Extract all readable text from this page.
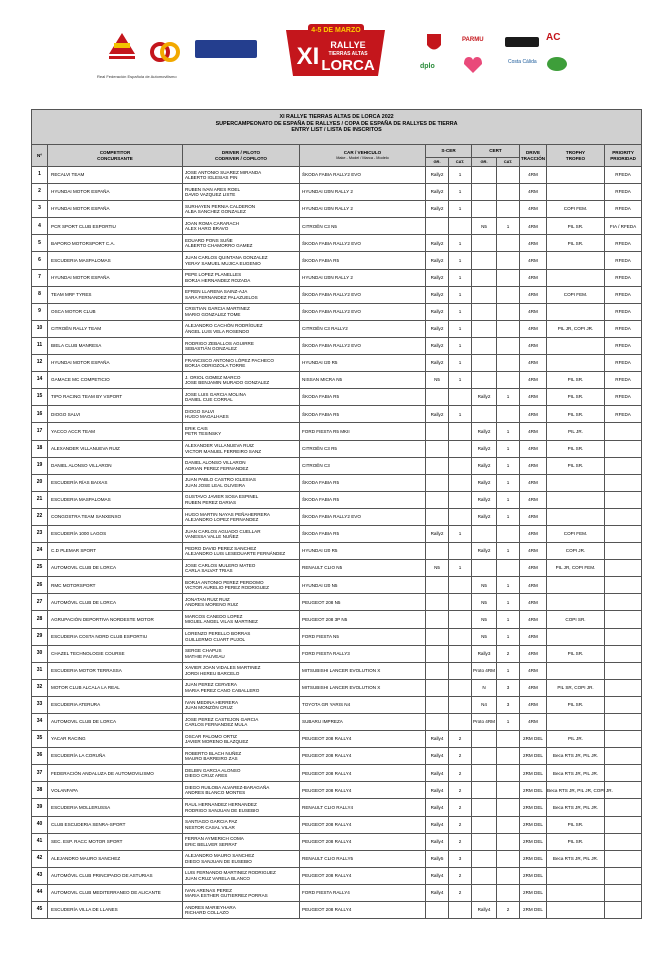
Real Federación Española de Automovilismo
4-5 DE MARZO
XI RALLYE
TIERRAS ALTAS
LORCA
PARMU	AC
dplo
Costa Cálida
XI RALLYE TIERRAS ALTAS DE LORCA 2022
SUPERCAMPEONATO DE ESPAÑA DE RALLYES / COPA DE ESPAÑA DE RALLYES DE TIERRA
ENTRY LIST / LISTA DE INSCRITOS										

Nº	COMPETITOR
CONCURSANTE	DRIVER / PILOTO
CODRIVER / COPILOTO	CAR / VEHICULO
Make - Model / Marca - Modelo	S-CER		CERT		DRIVE
TRACCIÓN	TROPHY
TROFEO	PRIORITY
PRIORIDAD
				GR.	CAT.	GR.	CAT.			
1	RECALVI TEAM	JOSE ANTONIO SUAREZ MIRANDA
ALBERTO IGLESIAS PIN	ŠKODA FABIA RALLY2 EVO	Rally2	1			4RM		RFEDA
2	HYUNDAI MOTOR ESPAÑA	RUBEN IVAN ARES ROEL
DAVID VAZQUEZ LISTE	HYUNDAI I20N RALLY 2	Rally2	1			4RM		RFEDA
3	HYUNDAI MOTOR ESPAÑA	SURHAYEN PERNIA CALDERON
ALBA SANCHEZ GONZALEZ	HYUNDAI I20N RALLY 2	Rally2	1			4RM	COPI FEM.	RFEDA
4	PCR SPORT CLUB ESPORTIU	JOAN ROMA CARARACH
ALEX HARO BRAVO	CITROËN C3 N5			N5	1	4RM	PIL SR.	FIA / RFEDA
5	BAPORO MOTORSPORT C.A.	EDUARD PONS SUÑE
ALBERTO CHAMORRO GAMEZ	ŠKODA FABIA RALLY2 EVO	Rally2	1			4RM	PIL SR.	RFEDA
6	ESCUDERIA MASPALOMAS	JUAN CARLOS QUINTANA GONZALEZ
YERAY SAMUEL MUJICA EUGENIO	ŠKODA FABIA R5	Rally2	1			4RM		RFEDA
7	HYUNDAI MOTOR ESPAÑA	PEPE LOPEZ PLANELLES
BORJA HERNANDEZ ROZADA	HYUNDAI I20N RALLY 2	Rally2	1			4RM		RFEDA
8	TEAM MRF TYRES	EFREN LLARENA SAINZ-AJA
SARA FERNANDEZ PALAZUELOS	ŠKODA FABIA RALLY2 EVO	Rally2	1			4RM	COPI FEM.	RFEDA
9	OSCA MOTOR CLUB	CRISTIAN GARCIA MARTINEZ
MARIO GONZALEZ TOME	ŠKODA FABIA RALLY2 EVO	Rally2	1			4RM		RFEDA
10	CITROËN RALLY TEAM	ALEJANDRO CACHÓN RODRÍGUEZ
ÁNGEL LUIS VELA ROSENDO	CITROËN C3 RALLY2	Rally2	1			4RM	PIL JR, COPI JR.	RFEDA
11	BIELA CLUB MANRESA	RODRIGO ZEBALLOS AGUIRRE
SEBASTIÁN GONZALEZ	ŠKODA FABIA RALLY2 EVO	Rally2	1			4RM		RFEDA
12	HYUNDAI MOTOR ESPAÑA	FRANCISCO ANTONIO LÓPEZ PACHECO
BORJA ODRIOZOLA TORRE	HYUNDAI I20 R5	Rally2	1			4RM		RFEDA
14	GAMACE MC COMPETICIO	J. ORIOL GOMEZ MARCO
JOSE BENJAMIN MURADO GONZALEZ	NISSAN MICRA N5	N5	1			4RM	PIL SR.	RFEDA
15	TIPO RACING TEAM BY VSPORT	JOSE LUIS GARCIA MOLINA
DANIEL CUE CORRAL	ŠKODA FABIA R5			Rally2	1	4RM	PIL SR.	RFEDA
16	DIOGO SALVI	DIOGO SALVI
HUGO MAGALHAES	ŠKODA FABIA R5	Rally2	1			4RM	PIL SR.	RFEDA
17	YACCO ACCR TEAM	ERIK CAIS
PETR TESINSKY	FORD FIESTA R5 MKII			Rally2	1	4RM	PIL JR.	
18	ALEXANDER VILLANUEVA RUIZ	ALEXANDER VILLANUEVA RUIZ
VICTOR MANUEL FERREIRO SANZ	CITROËN C3 R5			Rally2	1	4RM	PIL SR.	
19	DANIEL ALONSO VILLARON	DANIEL ALONSO VILLARON
ADRIAN PEREZ FERNANDEZ	CITROËN C3			Rally2	1	4RM	PIL SR.	
20	ESCUDERÍA RÍAS BAIXAS	JUAN PABLO CASTRO IGLESIAS
JUAN JOSE LEAL OLIVEIRA	ŠKODA FABIA R5			Rally2	1	4RM		
21	ESCUDERIA MASPALOMAS	GUSTAVO JAVIER SOSA ESPINEL
RUBEN PEREZ DARIAS	ŠKODA FABIA R5			Rally2	1	4RM		
22	CONGOSTRA TEAM SANXENXO	HUGO MARTIN NAYAS PEÑAHERRERA
ALEJANDRO LOPEZ FERNANDEZ	ŠKODA FABIA RALLY2 EVO			Rally2	1	4RM		
23	ESCUDERÍA 1000 LAGOS	JUAN CARLOS AGUADO CUELLAR
VANESSA VALLE NUÑEZ	ŠKODA FABIA R5	Rally2	1			4RM	COPI FEM.	
24	C.D PLEMAR SPORT	PEDRO DAVID PEREZ SANCHEZ
ALEJANDRO LUIS LESEDUARTE FERNÁNDEZ	HYUNDAI I20 R5			Rally2	1	4RM	COPI JR.	
25	AUTOMOVIL CLUB DE LORCA	JOSE CARLOS MULERO MATEO
CARLA SALVAT TRIAS	RENAULT CLIO N5	N5	1			4RM	PIL JR, COPI FEM.	
26	RMC MOTORSPORT	BORJA ANTONIO PEREZ PERDOMO
VICTOR AURELIO PEREZ RODRIGUEZ	HYUNDAI I20 N5			N5	1	4RM		
27	AUTOMÓVIL CLUB DE LORCA	JONATAN RUIZ RUIZ
ANDRES MORENO RUIZ	PEUGEOT 208 N5			N5	1	4RM		
28	AGRUPACIÓN DEPORTIVA NORDESTE MOTOR	MARCOS CANEDO LOPEZ
MIGUEL ANGEL VILAS MARTINEZ	PEUGEOT 208 3P N5			N5	1	4RM	COPI SR.	
29	ESCUDERIA COSTA NORD CLUB ESPORTIU	LORENZO PERELLO BORRAS
GUILLERMO CUART PUJOL	FORD FIESTA N5			N5	1	4RM		
30	CHAZEL TECHNOLOGIE COURSE	SERGE CHAPUS
MATHIE FAUVEAU	FORD FIESTA RALLY3			Rally3	2	4RM	PIL SR.	
31	ESCUDERIA MOTOR TERRASSA	XAVIER JOAN VIDALES MARTINEZ
JORDI HEREU BARCELO	MITSUBISHI LANCER EVOLUTION X			Proto 4RM	1	4RM		
32	MOTOR CLUB ALCALA LA REAL	JUAN PEREZ CERVERA
MARIA PEREZ CANO CABALLERO	MITSUBISHI LANCER EVOLUTION X			N	3	4RM	PIL SR, COPI JR.	
33	ESCUDERIA ATERURA	IVAN MEDINA HERRERA
JUAN MONZÓN CRUZ	TOYOTA GR YARIS N4			N4	3	4RM	PIL SR.	
34	AUTOMOVIL CLUB DE LORCA	JOSE PEREZ CASTEJON GARCIA
CARLOS FERNANDEZ MULA	SUBARU IMPREZA			Proto 4RM	1	4RM		
35	YACAR RACING	OSCAR PALOMO ORTIZ
JAVIER MORENO BLAZQUEZ	PEUGEOT 208 RALLY4	Rally4	2			2RM DEL	PIL JR.	
36	ESCUDERÍA LA CORUÑA	ROBERTO BLACH NUÑEZ
MAURO BARREIRO ZAS	PEUGEOT 208 RALLY4	Rally4	2			2RM DEL	Beca RTS JR, PIL JR.	
37	FEDERACIÓN ANDALUZA DE AUTOMOVILISMO	DELBIN GARCIA ALONSO
DIEGO CRUZ ARES	PEUGEOT 208 RALLY4	Rally4	2			2RM DEL	Beca RTS JR, PIL JR.	
38	VOLANFAPA	DIEGO RUILOBA ALVAREZ-BARAGAÑA
ANDRES BLANCO MONTES	PEUGEOT 208 RALLY4	Rally4	2			2RM DEL	Beca RTS JR, PIL JR, COPI JR.	
39	ESCUDERIA MOLLERUSSA	RAUL HERNANDEZ HERNANDEZ
RODRIGO SANJUAN DE EUSEBIO	RENAULT CLIO RALLY4	Rally4	2			2RM DEL	Beca RTS JR, PIL JR.	
40	CLUB ESCUDERIA SENRA-SPORT	SANTIAGO GARCIA PAZ
NESTOR CASAL VILAR	PEUGEOT 208 RALLY4	Rally4	2			2RM DEL	PIL SR.	
41	SEC. ESP. RACC MOTOR SPORT	FERRAN AYMERICH COMA
ERIC BELLVER SERRAT	PEUGEOT 208 RALLY4	Rally4	2			2RM DEL	PIL SR.	
42	ALEJANDRO MAURO SANCHEZ	ALEJANDRO MAURO SANCHEZ
DIEGO SANJUAN DE EUSEBIO	RENAULT CLIO RALLY5	Rally5	3			2RM DEL	Beca RTS JR, PIL JR.	
43	AUTOMÓVIL CLUB PRINCIPADO DE ASTURIAS	LUIS FERNANDO MARTINEZ RODRIGUEZ
JUAN CRUZ VARELA BLANCO	PEUGEOT 208 RALLY4	Rally4	2			2RM DEL		
44	AUTOMOVIL CLUB MEDITERRANEO DE ALICANTE	IVAN ARENAS PEREZ
MARIA ESTHER GUTIERREZ PORRAS	FORD FIESTA RALLY4	Rally4	2			2RM DEL		
45	ESCUDERÍA VILLA DE LLANES	ANDRES MARIEYHARA
RICHARD COLLAZO	PEUGEOT 208 RALLY4			Rally4	2	2RM DEL		
